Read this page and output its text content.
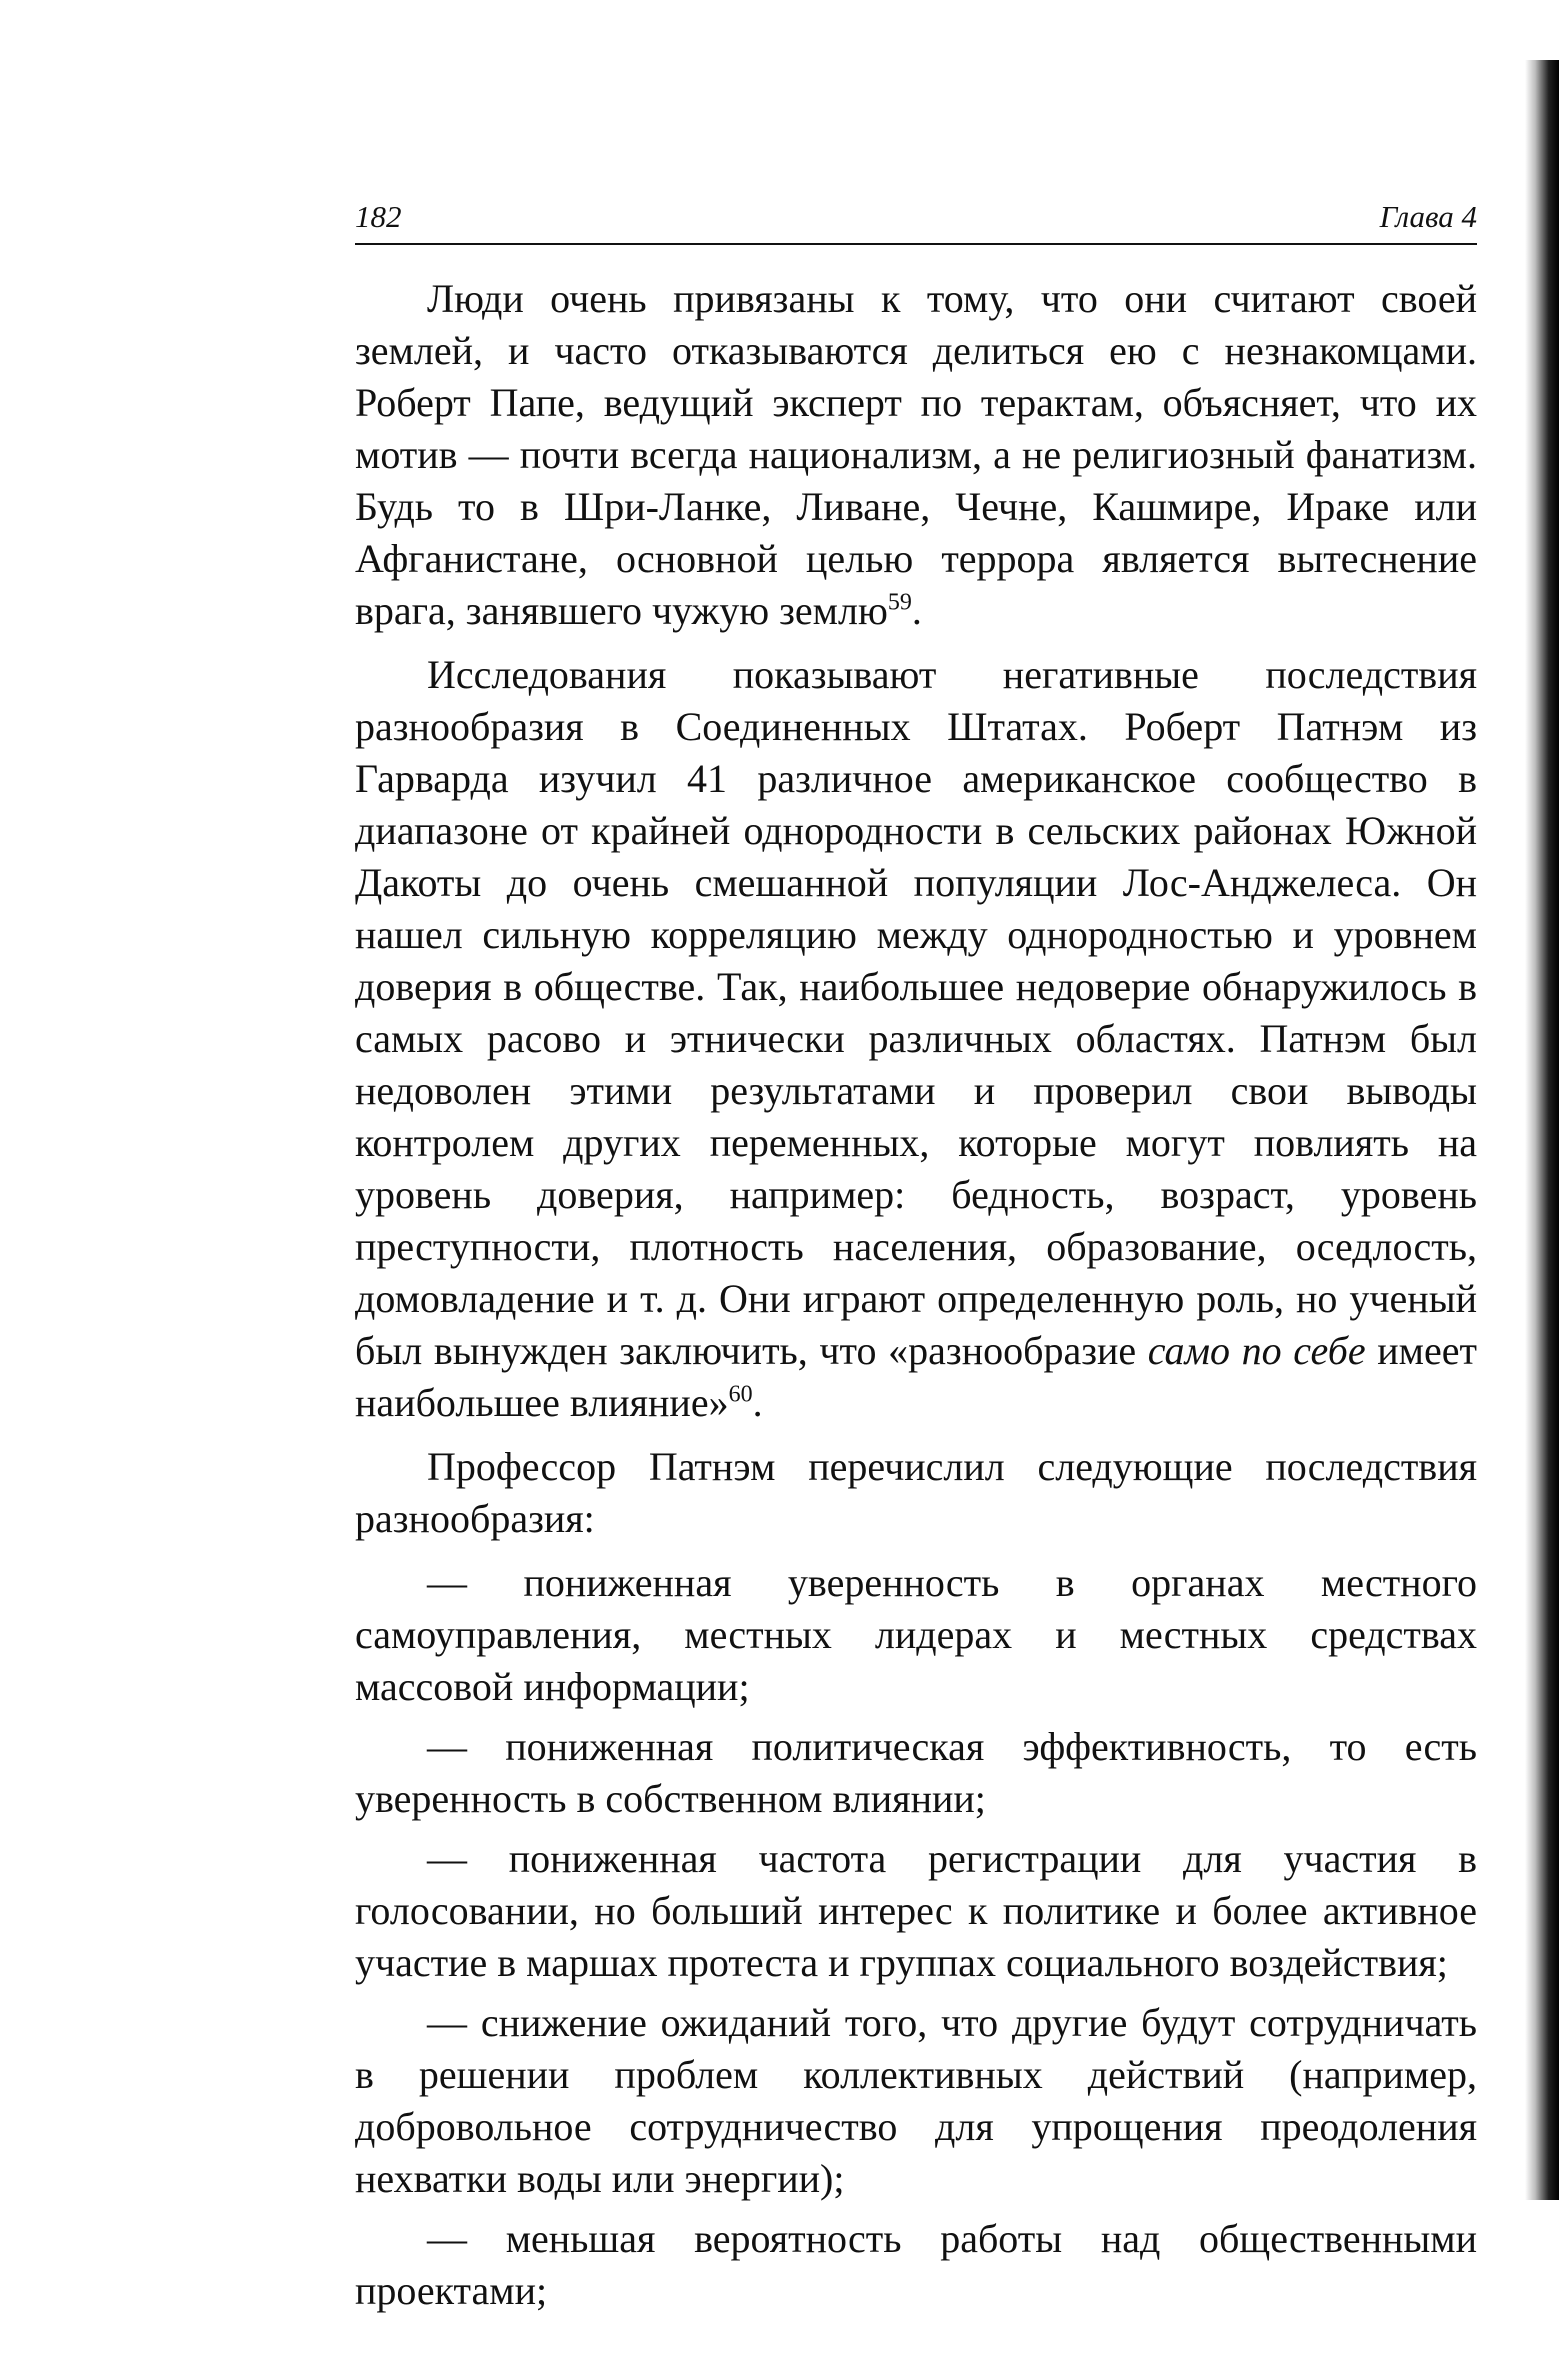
182	Глава 4

Люди очень привязаны к тому, что они считают своей землей, и часто отказываются делиться ею с незнакомцами. Роберт Папе, ведущий эксперт по терактам, объясняет, что их мотив — почти всегда национализм, а не религиозный фанатизм. Будь то в Шри-Ланке, Ливане, Чечне, Кашмире, Ираке или Афганистане, основной целью террора является вытеснение врага, занявшего чужую землю$^{59}$.

Исследования показывают негативные последствия разнообразия в Соединенных Штатах. Роберт Патнэм из Гарварда изучил 41 различное американское сообщество в диапазоне от крайней однородности в сельских районах Южной Дакоты до очень смешанной популяции Лос-Анджелеса. Он нашел сильную корреляцию между однородностью и уровнем доверия в обществе. Так, наибольшее недоверие обнаружилось в самых расово и этнически различных областях. Патнэм был недоволен этими результатами и проверил свои выводы контролем других переменных, которые могут повлиять на уровень доверия, например: бедность, возраст, уровень преступности, плотность населения, образование, оседлость, домовладение и т. д. Они играют определенную роль, но ученый был вынужден заключить, что «разнообразие само по себе имеет наибольшее влияние»$^{60}$.

Профессор Патнэм перечислил следующие последствия разнообразия:

— пониженная уверенность в органах местного самоуправления, местных лидерах и местных средствах массовой информации;
— пониженная политическая эффективность, то есть уверенность в собственном влиянии;
— пониженная частота регистрации для участия в голосовании, но больший интерес к политике и более активное участие в маршах протеста и группах социального воздействия;
— снижение ожиданий того, что другие будут сотрудничать в решении проблем коллективных действий (например, добровольное сотрудничество для упрощения преодоления нехватки воды или энергии);
— меньшая вероятность работы над общественными проектами;
